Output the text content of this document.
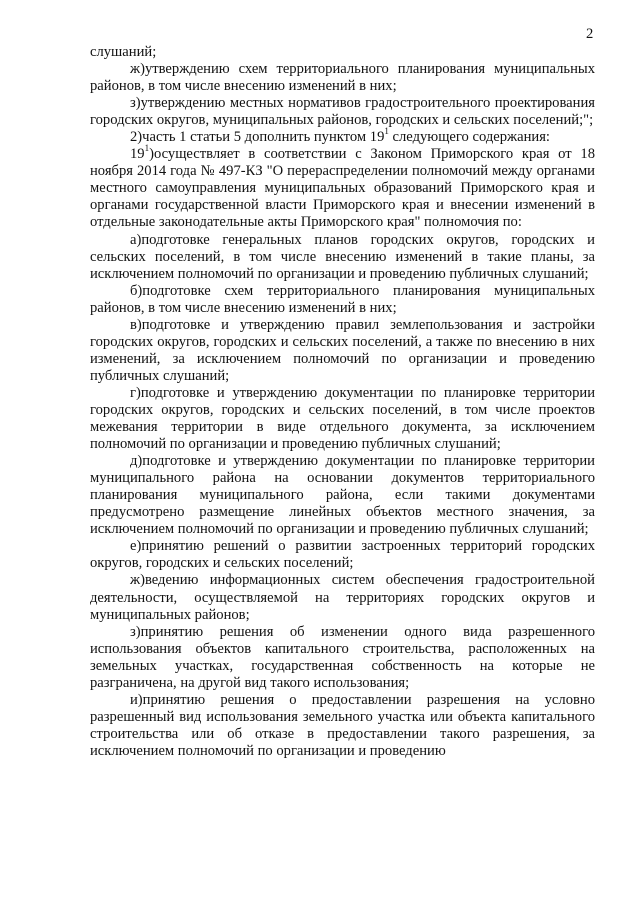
2

слушаний;

ж)утверждению схем территориального планирования муниципальных районов, в том числе внесению изменений в них;

з)утверждению местных нормативов градостроительного проектирования городских округов, муниципальных районов, городских и сельских поселений;";

2)часть 1 статьи 5 дополнить пунктом $19^1$ следующего содержания:

$19^1)осуществляет$ в соответствии с Законом Приморского края от 18 ноября 2014 года № 497-КЗ "О перераспределении полномочий между органами местного самоуправления муниципальных образований Приморского края и органами государственной власти Приморского края и внесении изменений в отдельные законодательные акты Приморского края" полномочия по:

а)подготовке генеральных планов городских округов, городских и сельских поселений, в том числе внесению изменений в такие планы, за исключением полномочий по организации и проведению публичных слушаний;

б)подготовке схем территориального планирования муниципальных районов, в том числе внесению изменений в них;

в)подготовке и утверждению правил землепользования и застройки городских округов, городских и сельских поселений, а также по внесению в них изменений, за исключением полномочий по организации и проведению публичных слушаний;

г)подготовке и утверждению документации по планировке территории городских округов, городских и сельских поселений, в том числе проектов межевания территории в виде отдельного документа, за исключением полномочий по организации и проведению публичных слушаний;

д)подготовке и утверждению документации по планировке территории муниципального района на основании документов территориального планирования муниципального района, если такими документами предусмотрено размещение линейных объектов местного значения, за исключением полномочий по организации и проведению публичных слушаний;

е)принятию решений о развитии застроенных территорий городских округов, городских и сельских поселений;

ж)ведению информационных систем обеспечения градостроительной деятельности, осуществляемой на территориях городских округов и муниципальных районов;

з)принятию решения об изменении одного вида разрешенного использования объектов капитального строительства, расположенных на земельных участках, государственная собственность на которые не разграничена, на другой вид такого использования;

и)принятию решения о предоставлении разрешения на условно разрешенный вид использования земельного участка или объекта капитального строительства или об отказе в предоставлении такого разрешения, за исключением полномочий по организации и проведению
